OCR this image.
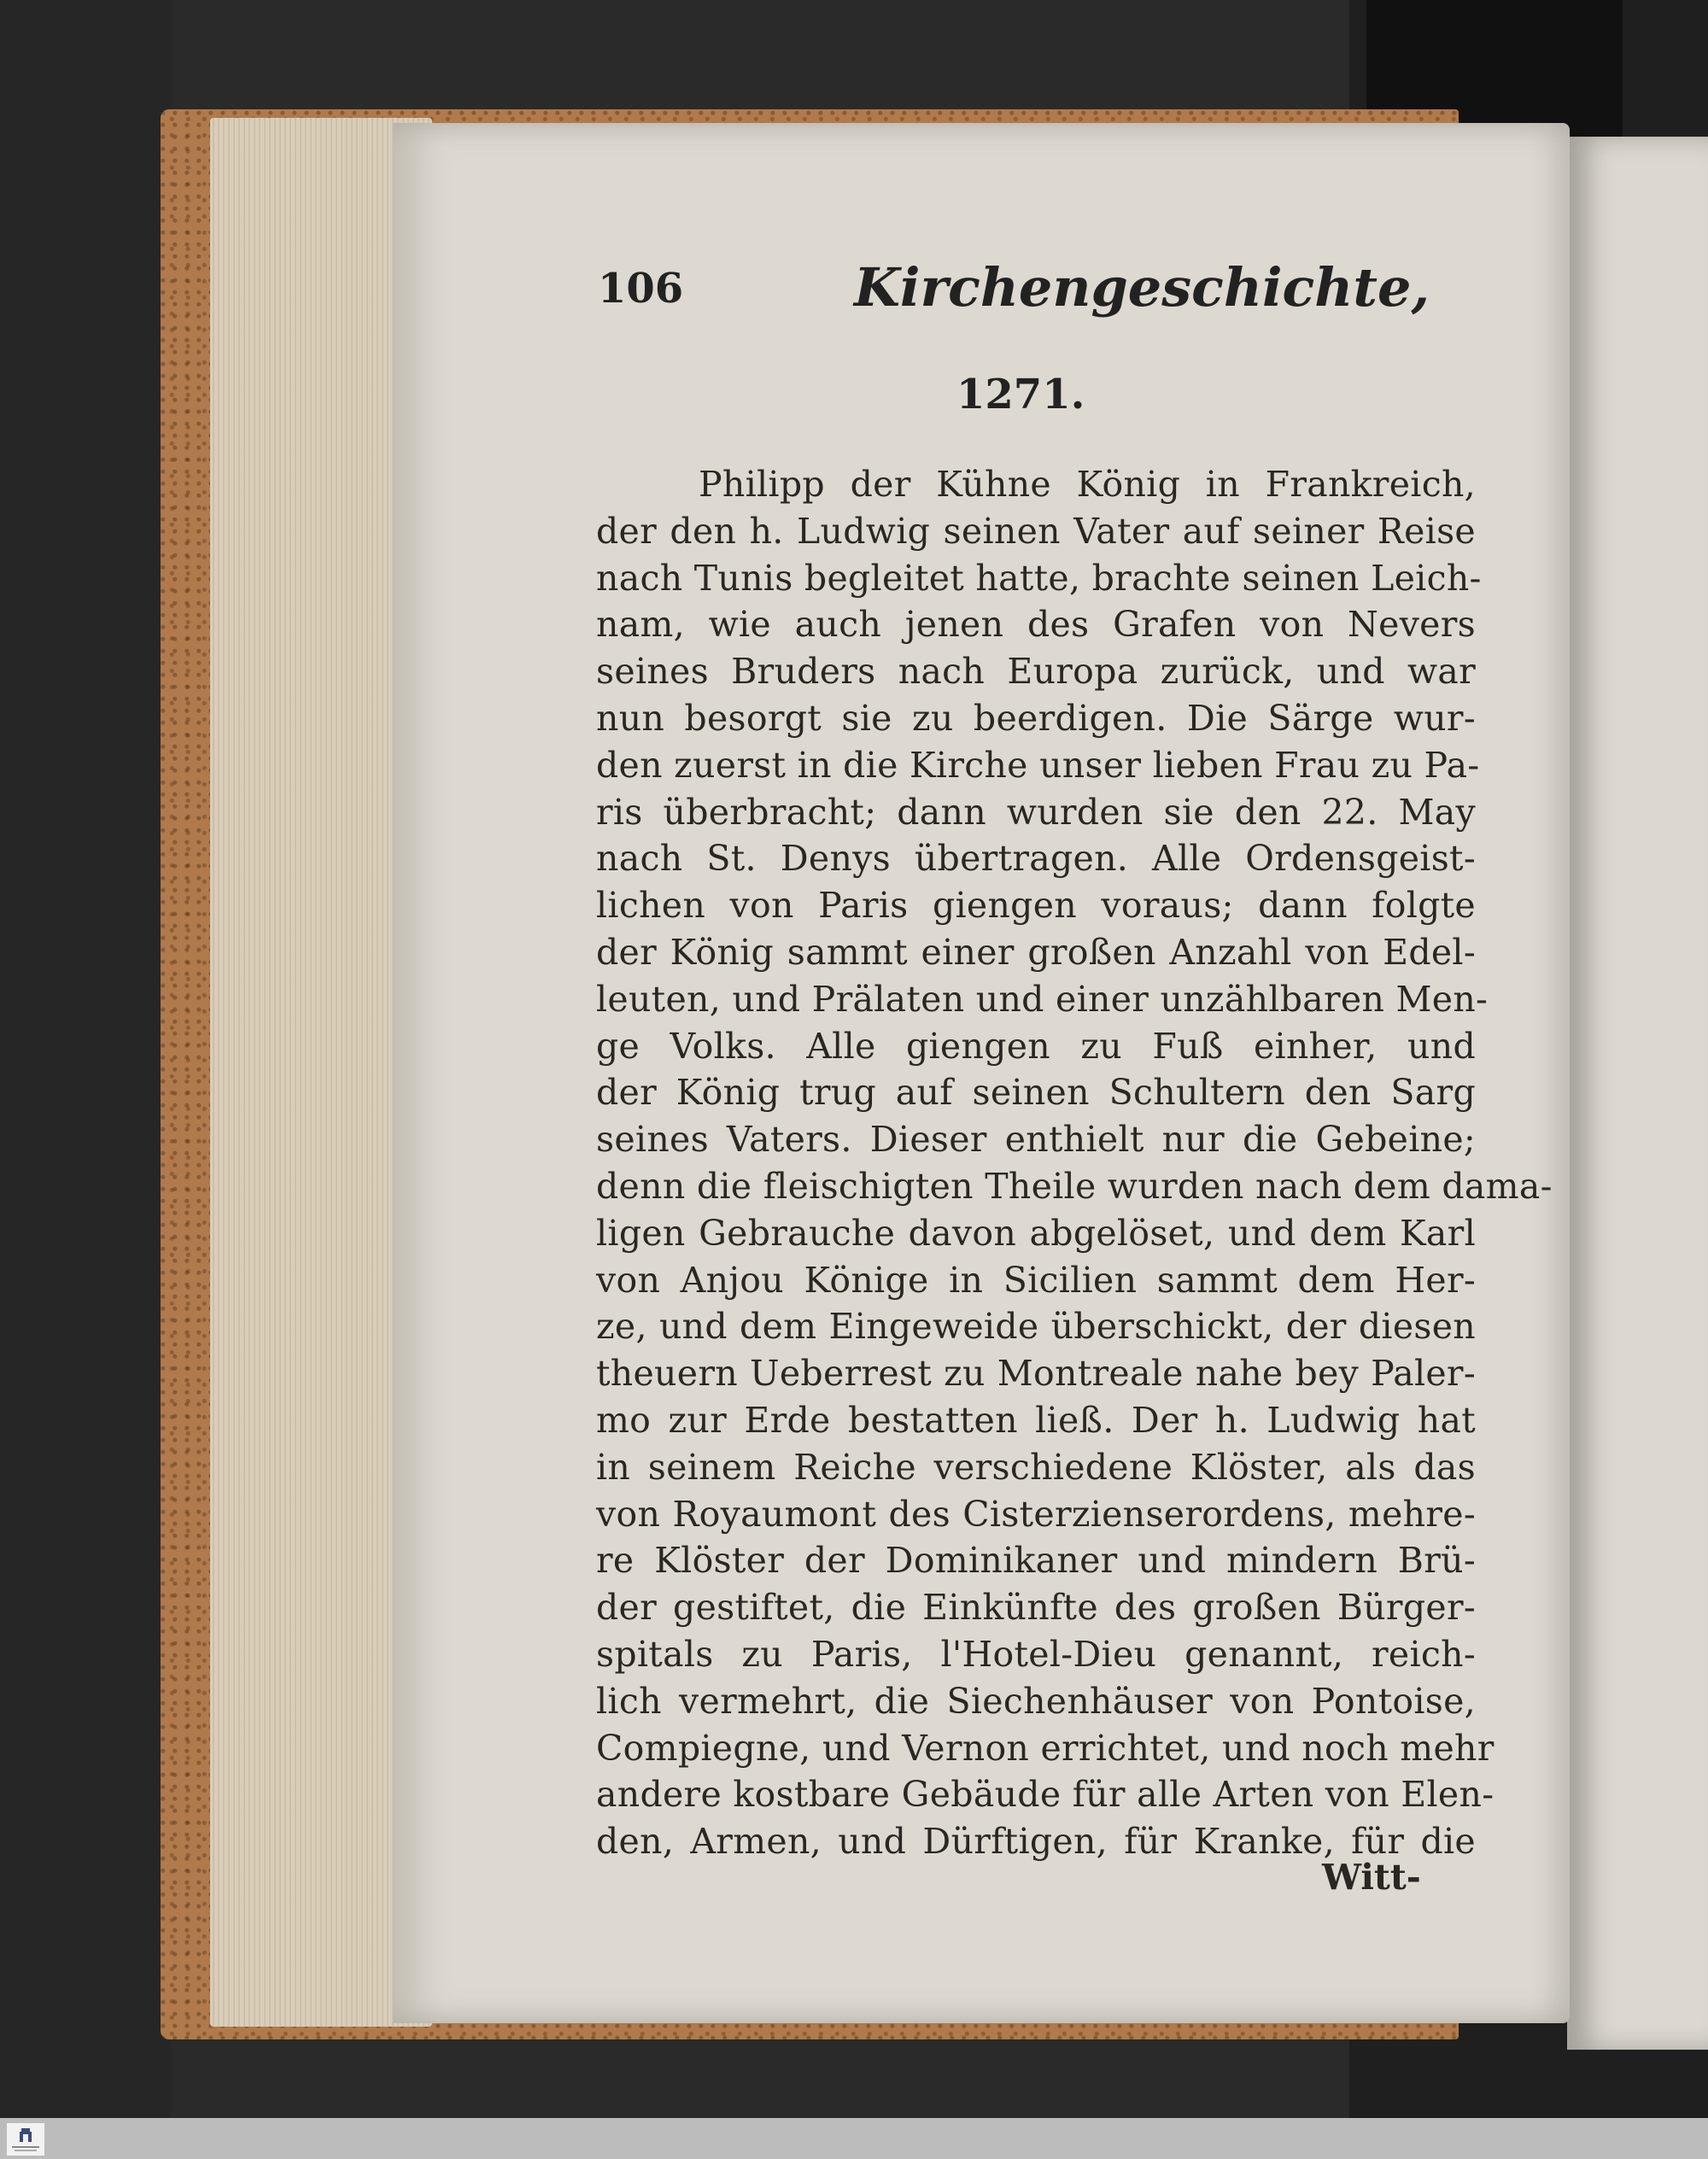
106	Kirchengeschichte,
1271.
Philipp der Kühne König in Frankreich,
der den h. Ludwig seinen Vater auf seiner Reise
nach Tunis begleitet hatte, brachte seinen Leich-
nam, wie auch jenen des Grafen von Nevers
seines Bruders nach Europa zurück, und war
nun besorgt sie zu beerdigen. Die Särge wur-
den zuerst in die Kirche unser lieben Frau zu Pa-
ris überbracht; dann wurden sie den 22. May
nach St. Denys übertragen. Alle Ordensgeist-
lichen von Paris giengen voraus; dann folgte
der König sammt einer großen Anzahl von Edel-
leuten, und Prälaten und einer unzählbaren Men-
ge Volks. Alle giengen zu Fuß einher, und
der König trug auf seinen Schultern den Sarg
seines Vaters. Dieser enthielt nur die Gebeine;
denn die fleischigten Theile wurden nach dem dama-
ligen Gebrauche davon abgelöset, und dem Karl
von Anjou Könige in Sicilien sammt dem Her-
ze, und dem Eingeweide überschickt, der diesen
theuern Ueberrest zu Montreale nahe bey Paler-
mo zur Erde bestatten ließ. Der h. Ludwig hat
in seinem Reiche verschiedene Klöster, als das
von Royaumont des Cisterzienserordens, mehre-
re Klöster der Dominikaner und mindern Brü-
der gestiftet, die Einkünfte des großen Bürger-
spitals zu Paris, l'Hotel-Dieu genannt, reich-
lich vermehrt, die Siechenhäuser von Pontoise,
Compiegne, und Vernon errichtet, und noch mehr
andere kostbare Gebäude für alle Arten von Elen-
den, Armen, und Dürftigen, für Kranke, für die
Witt-
